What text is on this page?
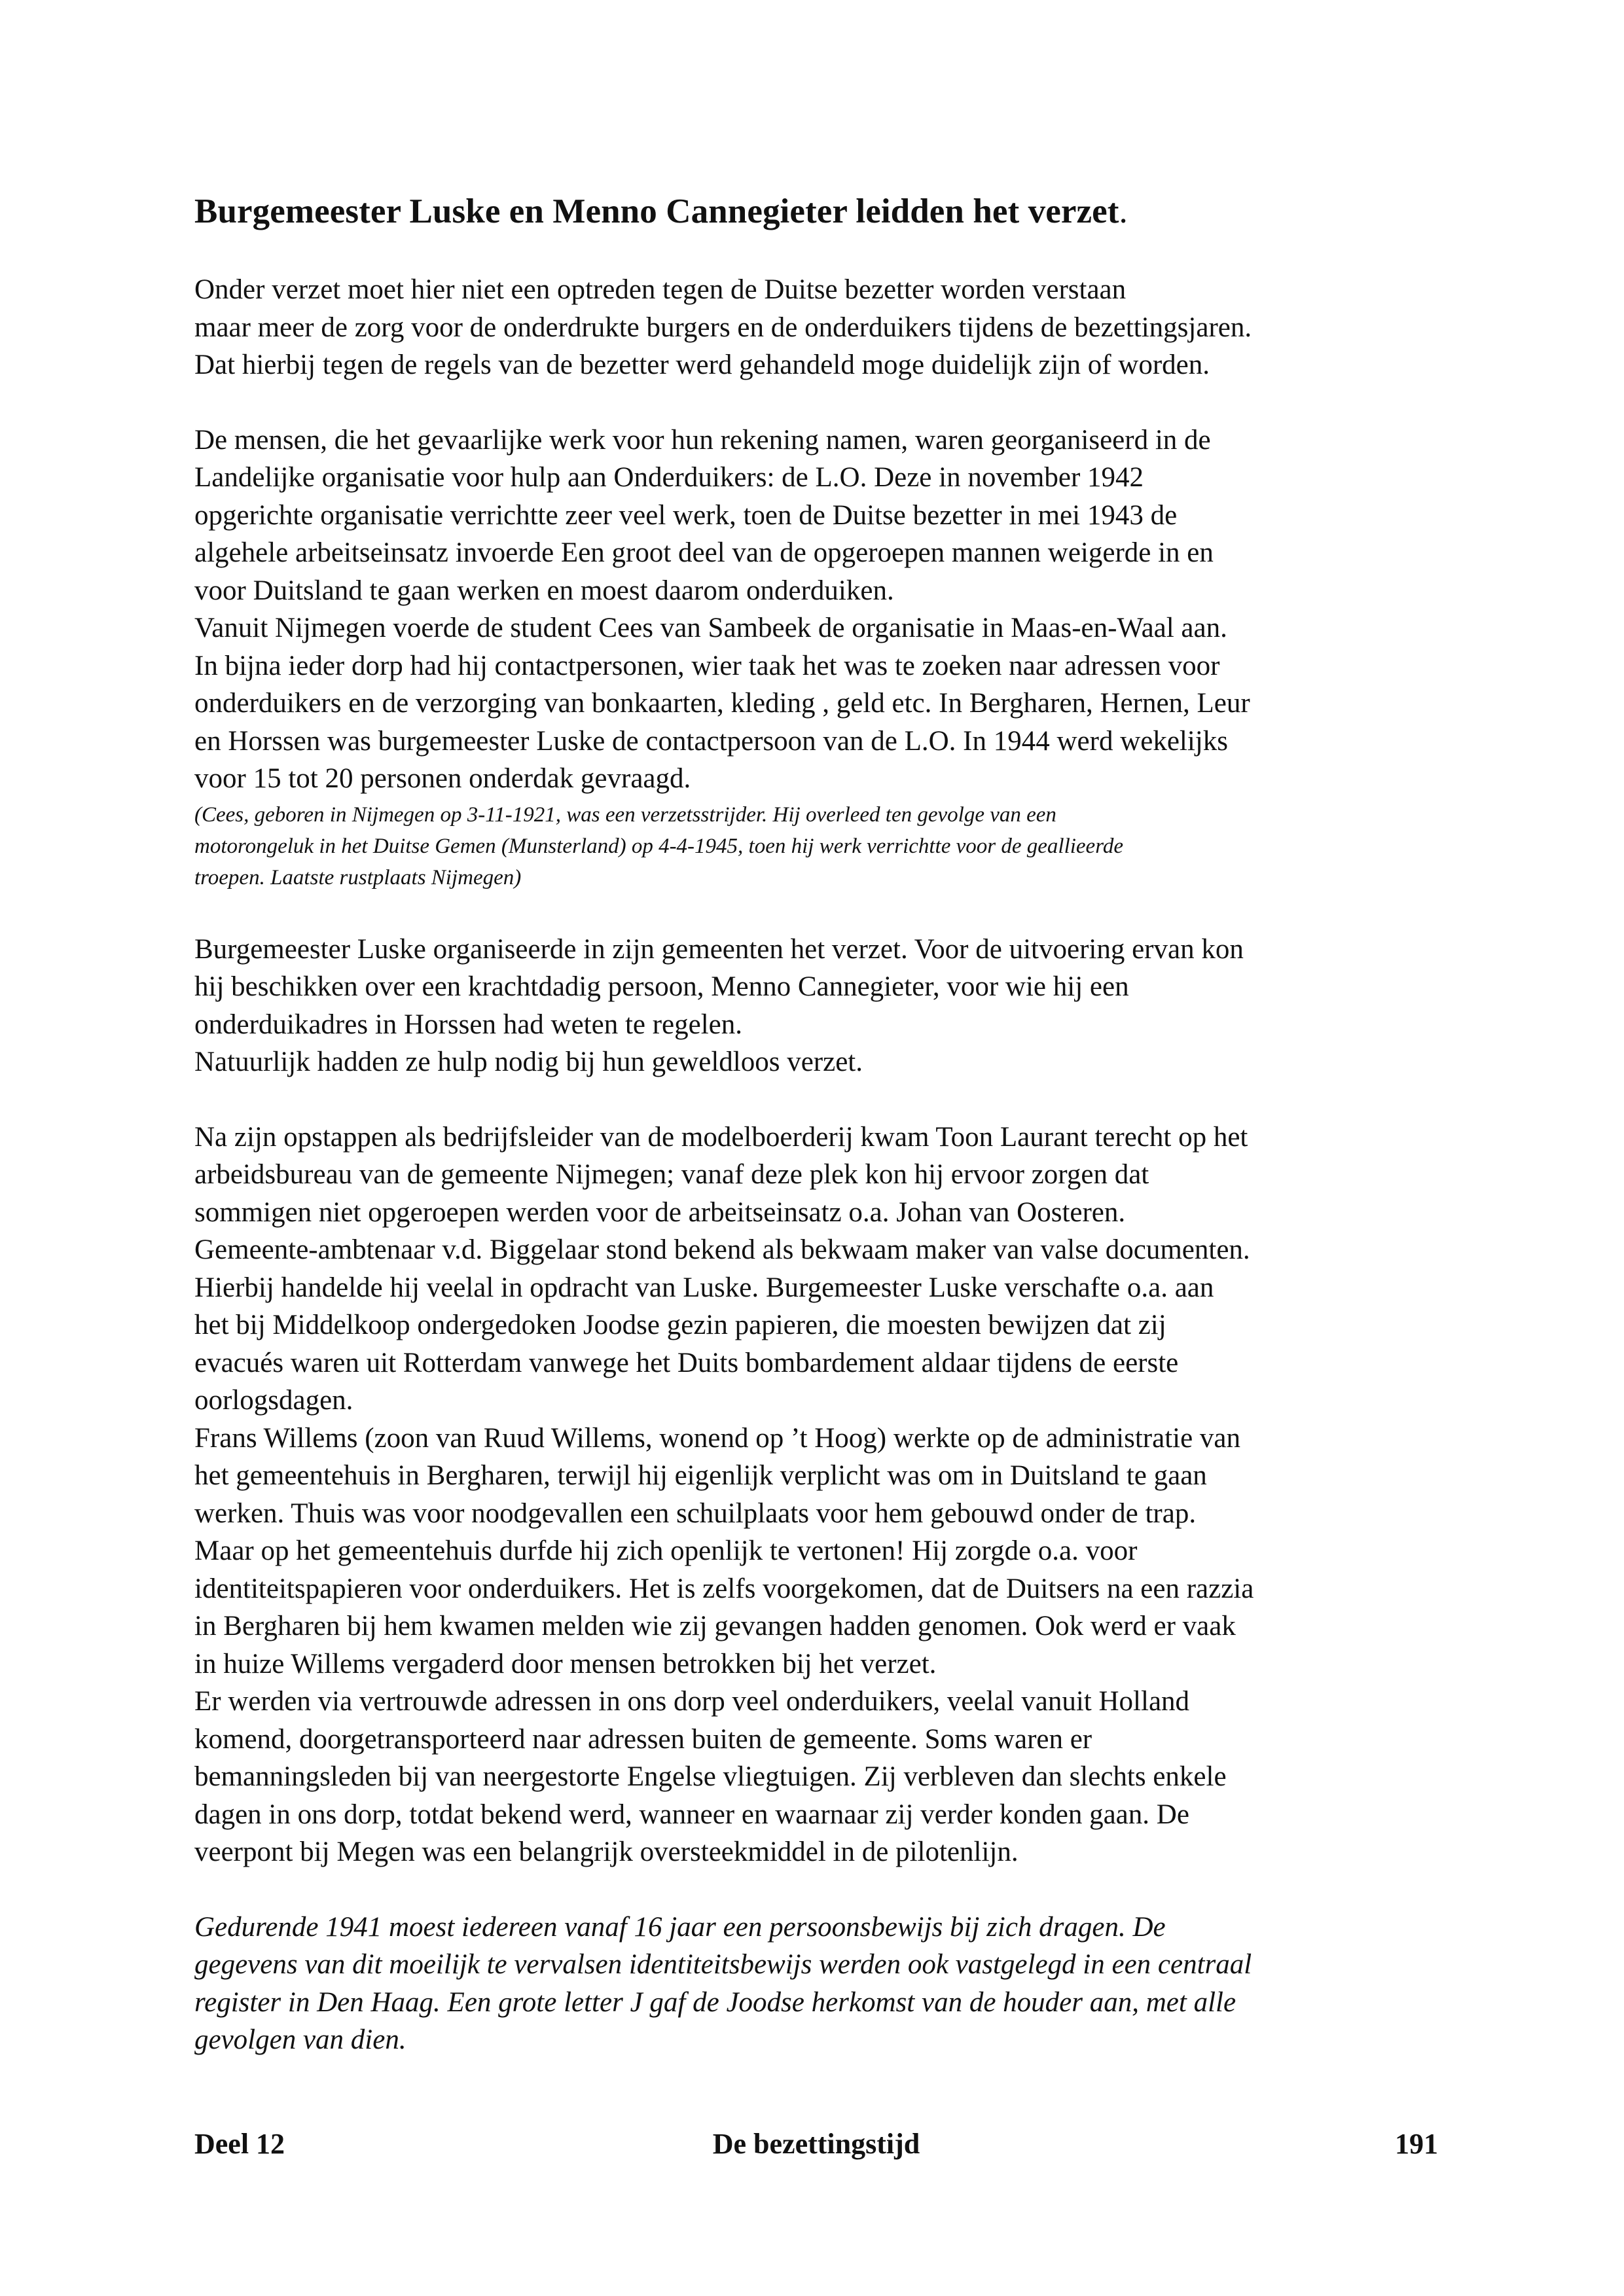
Burgemeester Luske en Menno Cannegieter leidden het verzet.

Onder verzet moet hier niet een optreden tegen de Duitse bezetter worden verstaan
maar meer de zorg voor de onderdrukte burgers en de onderduikers tijdens de bezettingsjaren.
Dat hierbij tegen de regels van de bezetter werd gehandeld moge duidelijk zijn of worden.

De mensen, die het gevaarlijke werk voor hun rekening namen, waren georganiseerd in de
Landelijke organisatie voor hulp aan Onderduikers: de L.O. Deze in november 1942
opgerichte organisatie verrichtte zeer veel werk, toen de Duitse bezetter in mei 1943 de
algehele arbeitseinsatz invoerde Een groot deel van de opgeroepen mannen weigerde in en
voor Duitsland te gaan werken en moest daarom onderduiken.
Vanuit Nijmegen voerde de student Cees van Sambeek de organisatie in Maas-en-Waal aan.
In bijna ieder dorp had hij contactpersonen, wier taak het was te zoeken naar adressen voor
onderduikers en de verzorging van bonkaarten, kleding , geld etc. In Bergharen, Hernen, Leur
en Horssen was burgemeester Luske de contactpersoon van de L.O. In 1944 werd wekelijks
voor 15 tot 20 personen onderdak gevraagd.

(Cees, geboren in Nijmegen op 3-11-1921, was een verzetsstrijder. Hij overleed ten gevolge van een
motorongeluk in het Duitse Gemen (Munsterland) op 4-4-1945, toen hij werk verrichtte voor de geallieerde
troepen. Laatste rustplaats Nijmegen)

Burgemeester Luske organiseerde in zijn gemeenten het verzet. Voor de uitvoering ervan kon
hij beschikken over een krachtdadig persoon, Menno Cannegieter, voor wie hij een
onderduikadres in Horssen had weten te regelen.
Natuurlijk hadden ze hulp nodig bij hun geweldloos verzet.

Na zijn opstappen als bedrijfsleider van de modelboerderij kwam Toon Laurant terecht op het
arbeidsbureau van de gemeente Nijmegen; vanaf deze plek kon hij ervoor zorgen dat
sommigen niet opgeroepen werden voor de arbeitseinsatz o.a. Johan van Oosteren.
Gemeente-ambtenaar v.d. Biggelaar stond bekend als bekwaam maker van valse documenten.
Hierbij handelde hij veelal in opdracht van Luske. Burgemeester Luske verschafte o.a. aan
het bij Middelkoop ondergedoken Joodse gezin papieren, die moesten bewijzen dat zij
evacués waren uit Rotterdam vanwege het Duits bombardement aldaar tijdens de eerste
oorlogsdagen.
Frans Willems (zoon van Ruud Willems, wonend op ’t Hoog) werkte op de administratie van
het gemeentehuis in Bergharen, terwijl hij eigenlijk verplicht was om in Duitsland te gaan
werken. Thuis was voor noodgevallen een schuilplaats voor hem gebouwd onder de trap.
Maar op het gemeentehuis durfde hij zich openlijk te vertonen! Hij zorgde o.a. voor
identiteitspapieren voor onderduikers. Het is zelfs voorgekomen, dat de Duitsers na een razzia
in Bergharen bij hem kwamen melden wie zij gevangen hadden genomen. Ook werd er vaak
in huize Willems vergaderd door mensen betrokken bij het verzet.
Er werden via vertrouwde adressen in ons dorp veel onderduikers, veelal vanuit Holland
komend, doorgetransporteerd naar adressen buiten de gemeente. Soms waren er
bemanningsleden bij van neergestorte Engelse vliegtuigen. Zij verbleven dan slechts enkele
dagen in ons dorp, totdat bekend werd, wanneer en waarnaar zij verder konden gaan. De
veerpont bij Megen was een belangrijk oversteekmiddel in de pilotenlijn.

Gedurende 1941 moest iedereen vanaf 16 jaar een persoonsbewijs bij zich dragen. De
gegevens van dit moeilijk te vervalsen identiteitsbewijs werden ook vastgelegd in een centraal
register in Den Haag. Een grote letter J gaf de Joodse herkomst van de houder aan, met alle
gevolgen van dien.

Deel 12	De bezettingstijd	191
